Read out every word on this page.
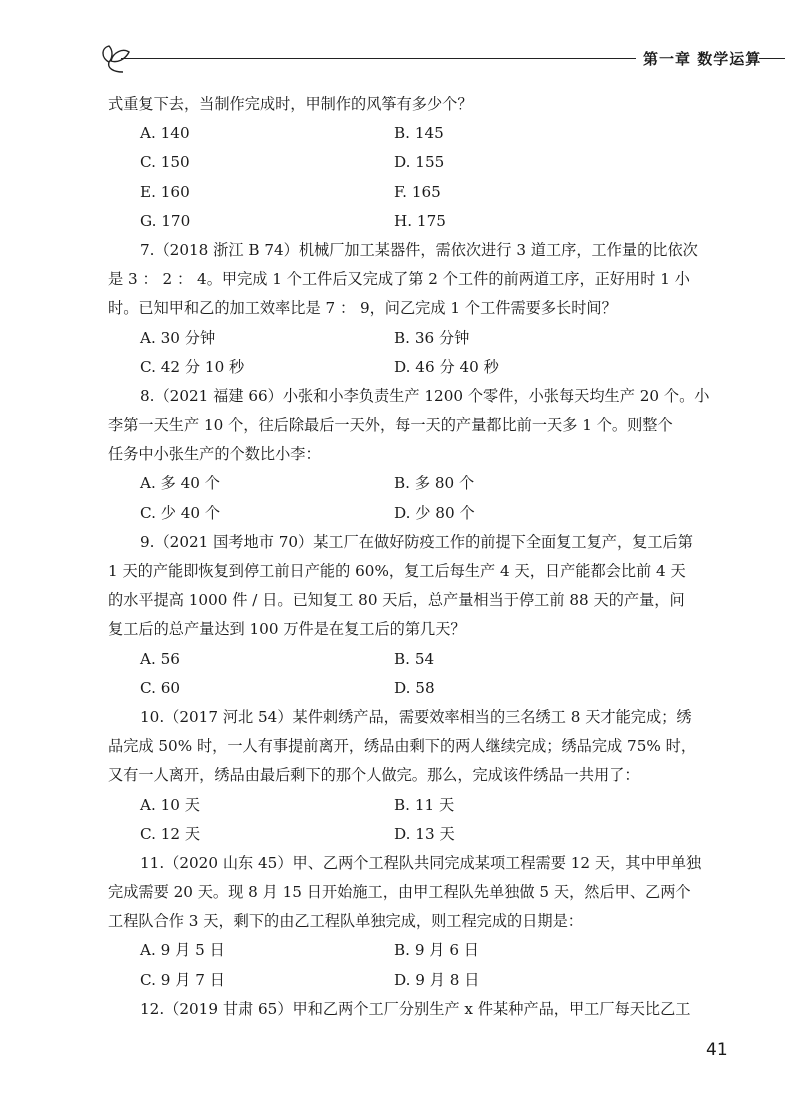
第一章 数学运算
式重复下去，当制作完成时，甲制作的风筝有多少个？
A. 140	B. 145
C. 150	D. 155
E. 160	F. 165
G. 170	H. 175
7.（2018 浙江 B 74）机械厂加工某器件，需依次进行 3 道工序，工作量的比依次
是 3 ： 2 ： 4。甲完成 1 个工件后又完成了第 2 个工件的前两道工序，正好用时 1 小
时。已知甲和乙的加工效率比是 7 ： 9，问乙完成 1 个工件需要多长时间？
A. 30 分钟	B. 36 分钟
C. 42 分 10 秒	D. 46 分 40 秒
8.（2021 福建 66）小张和小李负责生产 1200 个零件，小张每天均生产 20 个。小
李第一天生产 10 个，往后除最后一天外，每一天的产量都比前一天多 1 个。则整个
任务中小张生产的个数比小李：
A. 多 40 个	B. 多 80 个
C. 少 40 个	D. 少 80 个
9.（2021 国考地市 70）某工厂在做好防疫工作的前提下全面复工复产，复工后第
1 天的产能即恢复到停工前日产能的 60%，复工后每生产 4 天，日产能都会比前 4 天
的水平提高 1000 件 / 日。已知复工 80 天后，总产量相当于停工前 88 天的产量，问
复工后的总产量达到 100 万件是在复工后的第几天？
A. 56	B. 54
C. 60	D. 58
10.（2017 河北 54）某件刺绣产品，需要效率相当的三名绣工 8 天才能完成；绣
品完成 50% 时，一人有事提前离开，绣品由剩下的两人继续完成；绣品完成 75% 时，
又有一人离开，绣品由最后剩下的那个人做完。那么，完成该件绣品一共用了：
A. 10 天	B. 11 天
C. 12 天	D. 13 天
11.（2020 山东 45）甲、乙两个工程队共同完成某项工程需要 12 天，其中甲单独
完成需要 20 天。现 8 月 15 日开始施工，由甲工程队先单独做 5 天，然后甲、乙两个
工程队合作 3 天，剩下的由乙工程队单独完成，则工程完成的日期是：
A. 9 月 5 日	B. 9 月 6 日
C. 9 月 7 日	D. 9 月 8 日
12.（2019 甘肃 65）甲和乙两个工厂分别生产 x 件某种产品，甲工厂每天比乙工
41
